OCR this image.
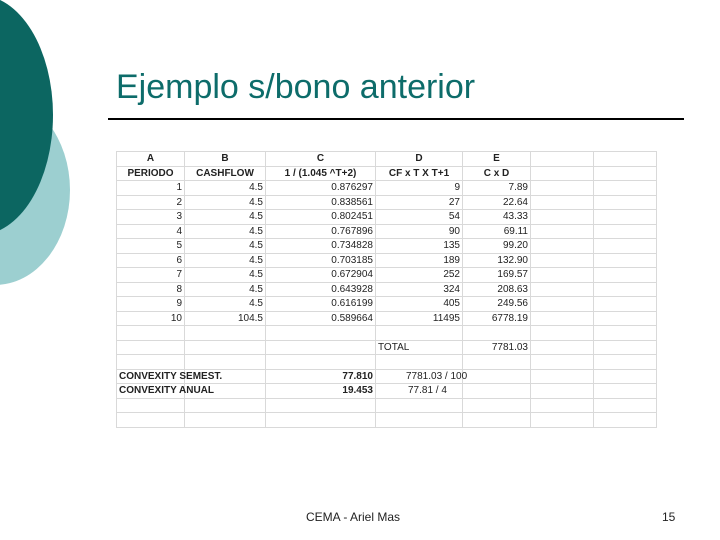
Ejemplo s/bono anterior
A	B	C	D	E		
PERIODO	CASHFLOW	1 / (1.045 ^T+2)	CF x T X T+1	C x D		
1	4.5	0.876297	9	7.89		
2	4.5	0.838561	27	22.64		
3	4.5	0.802451	54	43.33		
4	4.5	0.767896	90	69.11		
5	4.5	0.734828	135	99.20		
6	4.5	0.703185	189	132.90		
7	4.5	0.672904	252	169.57		
8	4.5	0.643928	324	208.63		
9	4.5	0.616199	405	249.56		
10	104.5	0.589664	11495	6778.19		

			TOTAL	7781.03		

CONVEXITY SEMEST.		77.810	7781.03 / 100			
CONVEXITY ANUAL		19.453	77.81 / 4			

CEMA - Ariel Mas	15
